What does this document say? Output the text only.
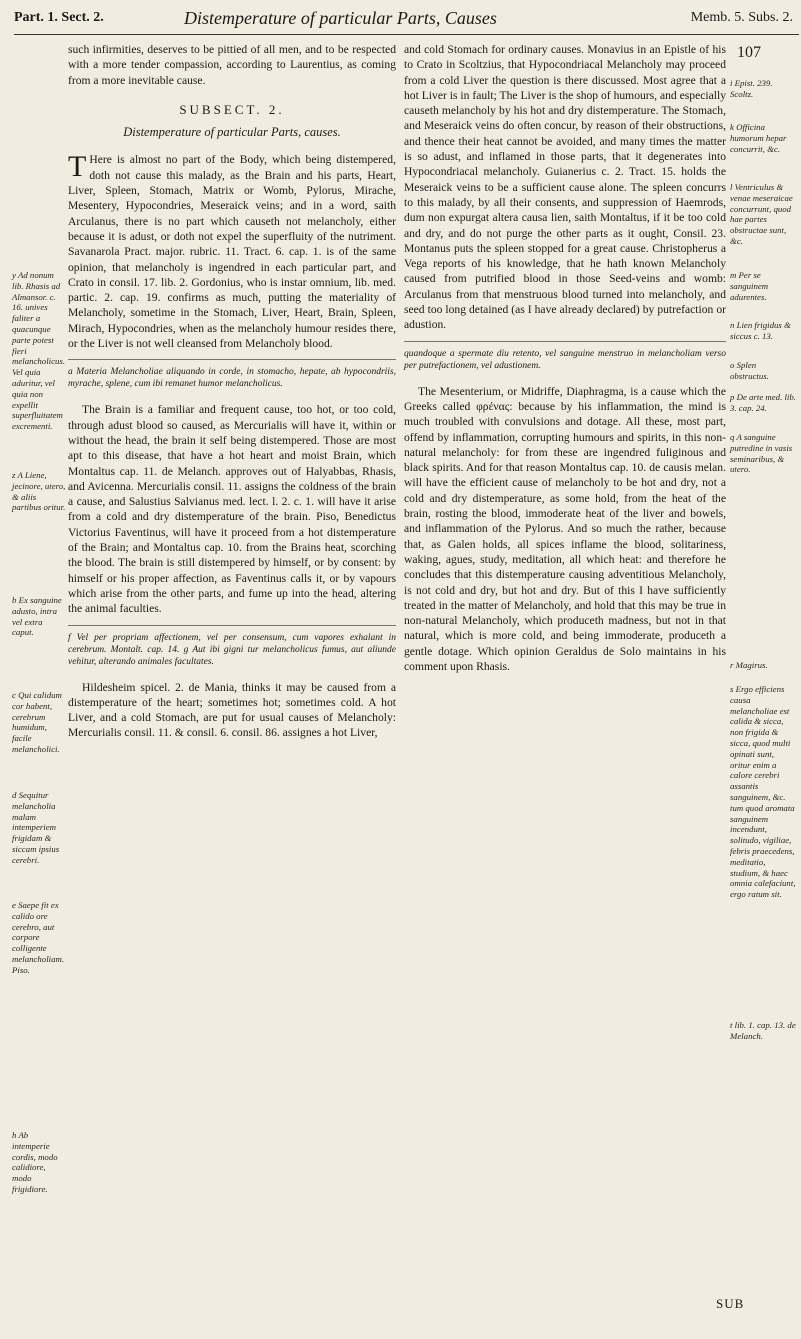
Part. 1. Sect. 2.	Distemperature of particular Parts, Causes	Memb. 5. Subs. 2.
107

such infirmities, deserves to be pittied of all men, and to be respected with a more tender compassion, according to Laurentius, as coming from a more inevitable cause.

SUBSECT. 2.
Distemperature of particular Parts, causes.

T Here is almost no part of the Body, which being distempered, doth not cause this malady, as the Brain and his parts, Heart, Liver, Spleen, Stomach, Matrix or Womb, Pylorus, Mirache, Mesentery, Hypocondries, Meseraick veins; and in a word, saith Arculanus, there is no part which causeth not melancholy, either because it is adust, or doth not expel the superfluity of the nutriment. Savanarola Pract. major. rubric. 11. Tract. 6. cap. 1. is of the same opinion, that melancholy is ingendred in each particular part, and Crato in consil. 17. lib. 2. Gordonius, who is instar omnium, lib. med. partic. 2. cap. 19. confirms as much, putting the materiality of Melancholy, sometime in the Stomach, Liver, Heart, Brain, Spleen, Mirach, Hypocondries, when as the melancholy humour resides there, or the Liver is not well cleansed from Melancholy blood.

a Materia Melancholiae aliquando in corde, in stomacho, hepate, ab hypocondriis, myrache, splene, cum ibi remanet humor melancholicus.

The Brain is a familiar and frequent cause, too hot, or too cold, through adust blood so caused, as Mercurialis will have it, within or without the head, the brain it self being distempered. Those are most apt to this disease, that have a hot heart and moist Brain, which Montaltus cap. 11. de Melanch. approves out of Halyabbas, Rhasis, and Avicenna. Mercurialis consil. 11. assigns the coldness of the brain a cause, and Salustius Salvianus med. lect. l. 2. c. 1. will have it arise from a cold and dry distemperature of the brain. Piso, Benedictus Victorius Faventinus, will have it proceed from a hot distemperature of the Brain; and Montaltus cap. 10. from the Brains heat, scorching the blood. The brain is still distempered by himself, or by consent: by himself or his proper affection, as Faventinus calls it, or by vapours which arise from the other parts, and fume up into the head, altering the animal faculties.

f Vel per propriam affectionem, vel per consensum, cum vapores exhalant in cerebrum. Montalt. cap. 14. g Aut ibi gigni tur melancholicus fumus, aut aliunde vehitur, alterando animales facultates.

Hildesheim spicel. 2. de Mania, thinks it may be caused from a distemperature of the heart; sometimes hot; sometimes cold. A hot Liver, and a cold Stomach, are put for usual causes of Melancholy: Mercurialis consil. 11. & consil. 6. consil. 86. assignes a hot Liver,

and cold Stomach for ordinary causes. Monavius in an Epistle of his to Crato in Scoltzius, that Hypocondriacal Melancholy may proceed from a cold Liver the question is there discussed. Most agree that a hot Liver is in fault; The Liver is the shop of humours, and especially causeth melancholy by his hot and dry distemperature. The Stomach, and Meseraick veins do often concur, by reason of their obstructions, and thence their heat cannot be avoided, and many times the matter is so adust, and inflamed in those parts, that it degenerates into Hypocondriacal melancholy. Guianerius c. 2. Tract. 15. holds the Meseraick veins to be a sufficient cause alone. The spleen concurrs to this malady, by all their consents, and suppression of Haemrods, dum non expurgat altera causa lien, saith Montaltus, if it be too cold and dry, and do not purge the other parts as it ought, Consil. 23. Montanus puts the spleen stopped for a great cause. Christopherus a Vega reports of his knowledge, that he hath known Melancholy caused from putrified blood in those Seed-veins and womb: Arculanus from that menstruous blood turned into melancholy, and seed too long detained (as I have already declared) by putrefaction or adustion.

quandoque a spermate diu retento, vel sanguine menstruo in melancholiam verso per putrefactionem, vel adustionem.

The Mesenterium, or Midriffe, Diaphragma, is a cause which the Greeks called φρένας: because by his inflammation, the mind is much troubled with convulsions and dotage. All these, most part, offend by inflammation, corrupting humours and spirits, in this non-natural melancholy: for from these are ingendred fuliginous and black spirits. And for that reason Montaltus cap. 10. de causis melan. will have the efficient cause of melancholy to be hot and dry, not a cold and dry distemperature, as some hold, from the heat of the brain, rosting the blood, immoderate heat of the liver and bowels, and inflammation of the Pylorus. And so much the rather, because that, as Galen holds, all spices inflame the blood, solitariness, waking, agues, study, meditation, all which heat: and therefore he concludes that this distemperature causing adventitious Melancholy, is not cold and dry, but hot and dry. But of this I have sufficiently treated in the matter of Melancholy, and hold that this may be true in non-natural Melancholy, which produceth madness, but not in that natural, which is more cold, and being immoderate, produceth a gentle dotage. Which opinion Geraldus de Solo maintains in his comment upon Rhasis.

y Ad nonum lib. Rhasis ad Almansor. c. 16. unives faliter a quacunque parte potest fieri melancholicus. Vel quia aduritur, vel quia non expellit superfluitatem excrementi.
z A Liene, jecinore, utero, & aliis partibus oritur.
b Ex sanguine adusto, intra vel extra caput.
c Qui calidum cor habent, cerebrum humidum, facile melancholici.
d Sequitur melancholia malam intemperiem frigidam & siccam ipsius cerebri.
e Saepe fit ex calido ore cerebro, aut corpore colligente melancholiam. Piso.
h Ab intemperie cordis, modo calidiore, modo frigidiore.
i Epist. 239. Scoltz.
k Officina humorum hepar concurrit, &c.
l Ventriculus & venae meseraicae concurrunt, quod hae partes obstructae sunt, &c.
m Per se sanguinem adurentes.
n Lien frigidus & siccus c. 13.
o Splen obstructus.
p De arte med. lib. 3. cap. 24.
q A sanguine putredine in vasis seminaribus, & utero.
r Magirus.
s Ergo efficiens causa melancholiae est calida & sicca, non frigida & sicca, quod multi opinati sunt, oritur enim a calore cerebri assantis sanguinem, &c. tum quod aromata sanguinem incendunt, solitudo, vigiliae, febris praecedens, meditatio, studium, & haec omnia calefaciunt, ergo ratum sit.
t lib. 1. cap. 13. de Melanch.
SUB
